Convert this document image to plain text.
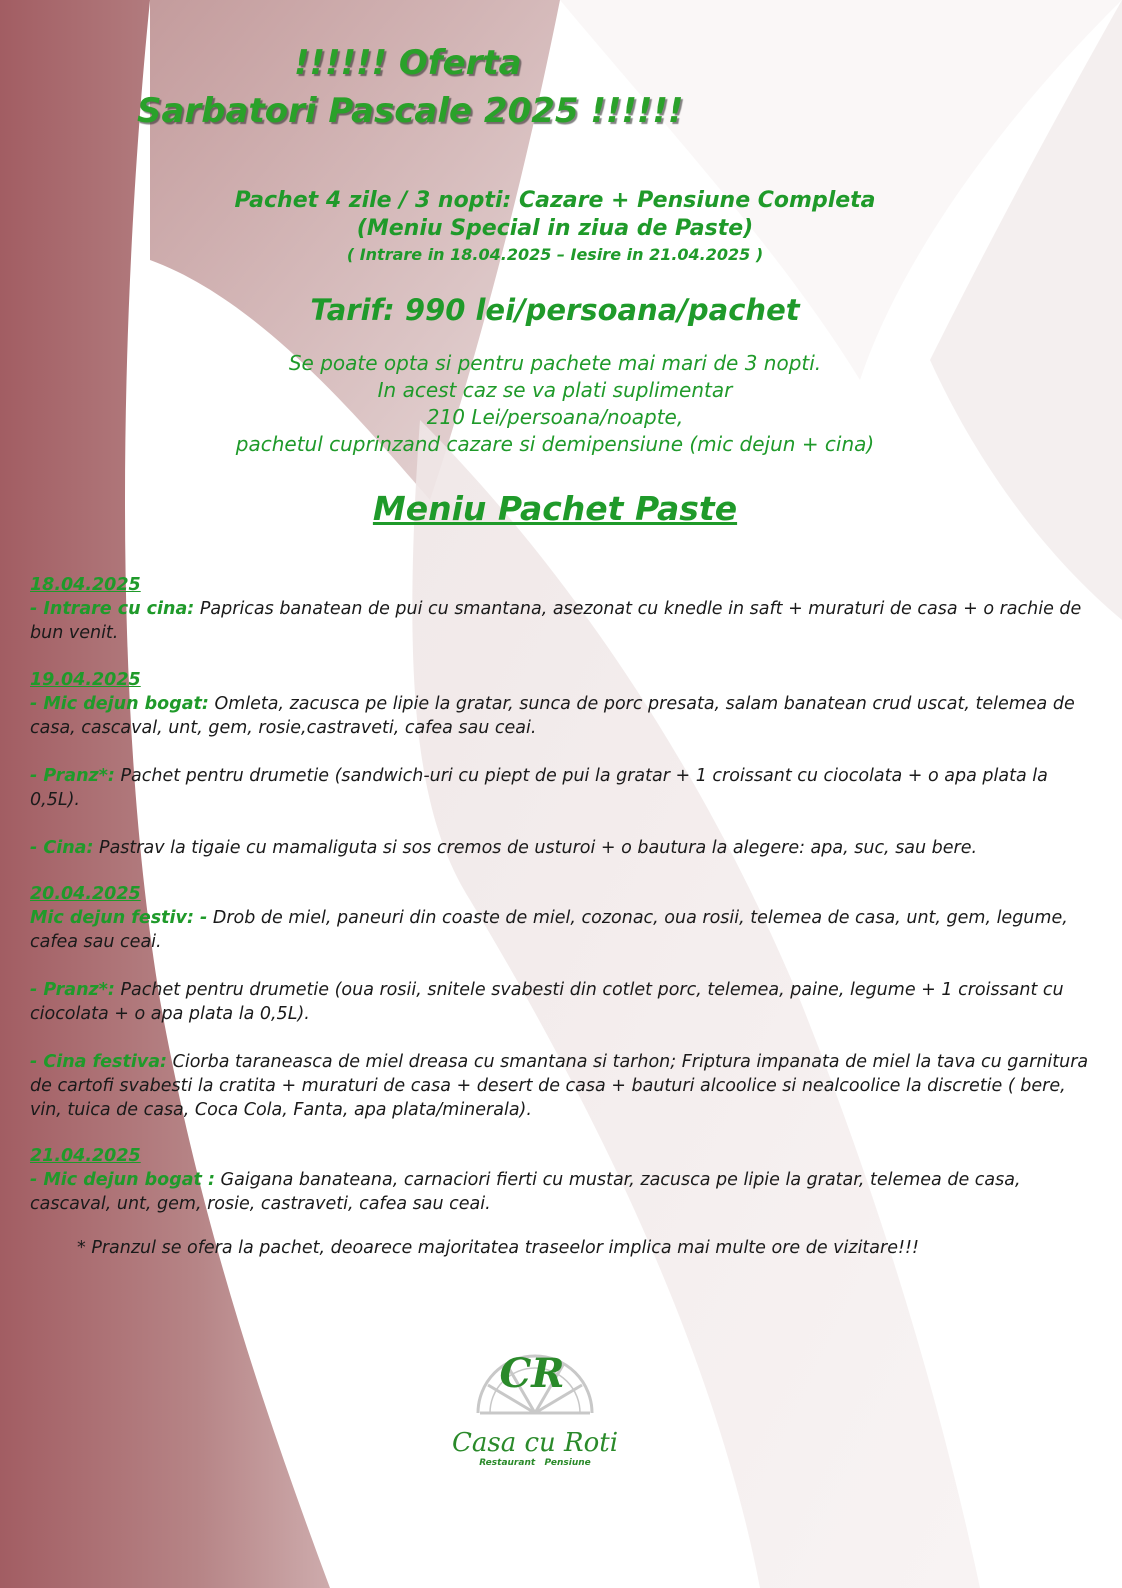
!!!!!! Oferta
Sarbatori Pascale 2025 !!!!!!
Pachet 4 zile / 3 nopti: Cazare + Pensiune Completa
(Meniu Special in ziua de Paste)
( Intrare in 18.04.2025 – Iesire in 21.04.2025 )
Tarif: 990 lei/persoana/pachet
Se poate opta si pentru pachete mai mari de 3 nopti.
In acest caz se va plati suplimentar
210 Lei/persoana/noapte,
pachetul cuprinzand cazare si demipensiune (mic dejun + cina)
Meniu Pachet Paste
18.04.2025
- Intrare cu cina: Papricas banatean de pui cu smantana, asezonat cu knedle in saft + muraturi de casa + o rachie de bun venit.
19.04.2025
- Mic dejun bogat: Omleta, zacusca pe lipie la gratar, sunca de porc presata, salam banatean crud uscat, telemea de casa, cascaval, unt, gem, rosie,castraveti, cafea sau ceai.
- Pranz*: Pachet pentru drumetie (sandwich-uri cu piept de pui la gratar + 1 croissant cu ciocolata + o apa plata la 0,5L).
- Cina: Pastrav la tigaie cu mamaliguta si sos cremos de usturoi + o bautura la alegere: apa, suc, sau bere.
20.04.2025
Mic dejun festiv: - Drob de miel, paneuri din coaste de miel, cozonac, oua rosii, telemea de casa, unt, gem, legume, cafea sau ceai.
- Pranz*: Pachet pentru drumetie (oua rosii, snitele svabesti din cotlet porc, telemea, paine, legume + 1 croissant cu ciocolata + o apa plata la 0,5L).
- Cina festiva: Ciorba taraneasca de miel dreasa cu smantana si tarhon; Friptura impanata de miel la tava cu garnitura de cartofi svabesti la cratita + muraturi de casa + desert de casa + bauturi alcoolice si nealcoolice la discretie ( bere, vin, tuica de casa, Coca Cola, Fanta, apa plata/minerala).
21.04.2025
- Mic dejun bogat : Gaigana banateana, carnaciori fierti cu mustar, zacusca pe lipie la gratar, telemea de casa, cascaval, unt, gem, rosie, castraveti, cafea sau ceai.
* Pranzul se ofera la pachet, deoarece majoritatea traseelor implica mai multe ore de vizitare!!!
CR
Casa cu Roti
Restaurant   Pensiune
